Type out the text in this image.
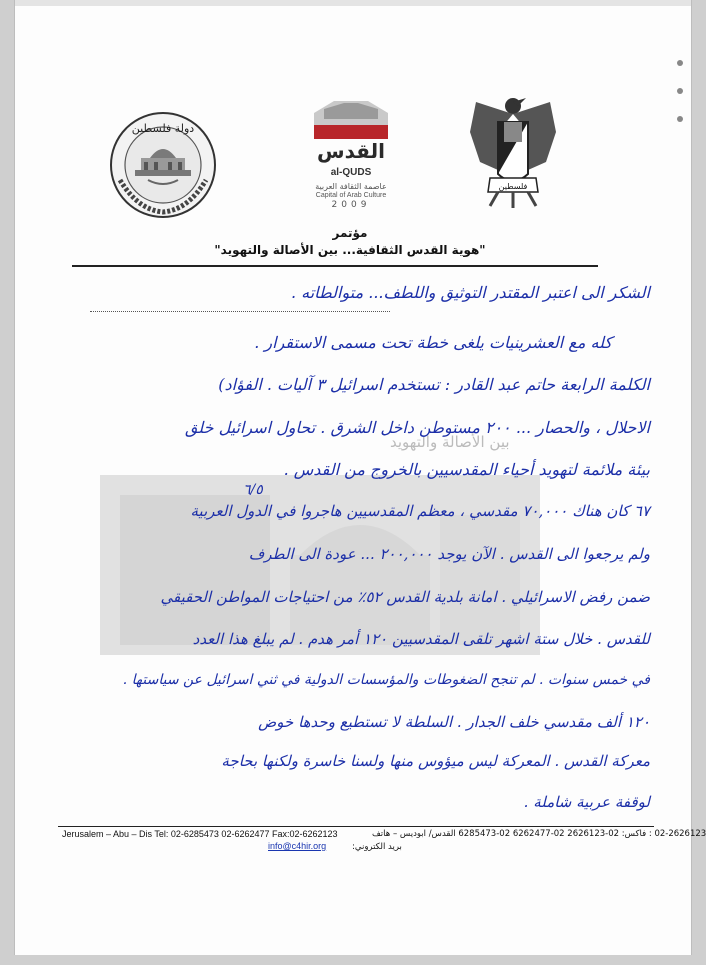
دولة فلسطين
القدس
al-QUDS
عاصمة الثقافة العربية
Capital of Arab Culture
2009
فلسطين
مؤتمر
"هوية القدس الثقافية... بين الأصالة والتهويد"
بين الأصالة والتهويد
الشكر الى اعتبر المقتدر التوثيق واللطف... متوالطاته .
كله مع العشرينيات يلغى خطة تحت مسمى الاستقرار .
الكلمة الرابعة حاتم عبد القادر : تستخدم اسرائيل ٣ آليات . الفؤاد)
الاحلال ، والحصار ... ٢٠٠ مستوطن داخل الشرق . تحاول اسرائيل خلق
بيئة ملائمة لتهويد أحياء المقدسيين بالخروج من القدس .
٦/٥
٦٧ كان هناك ٧٠,٠٠٠ مقدسي ، معظم المقدسيين هاجروا في الدول العربية
ولم يرجعوا الى القدس . الآن يوجد ٢٠٠,٠٠٠ ... عودة الى الطرف
ضمن رفض الاسرائيلي . امانة بلدية القدس ٥٢٪ من احتياجات المواطن الحقيقي
للقدس . خلال ستة اشهر تلقى المقدسيين ١٢٠ أمر هدم . لم يبلغ هذا العدد
في خمس سنوات . لم تنجح الضغوطات والمؤسسات الدولية في ثني اسرائيل عن سياستها .
١٢٠ ألف مقدسي خلف الجدار . السلطة لا تستطيع وحدها خوض
معركة القدس . المعركة ليس ميؤوس منها ولسنا خاسرة ولكنها بحاجة
لوقفة عربية شاملة .
Jerusalem – Abu – Dis Tel: 02-6285473 02-6262477 Fax:02-6262123	02-2626123 : فاكس: 02-2626123 02-6262477 02-6285473 القدس/ ابوديس – هاتف
info@c4hir.org	بريد الكتروني:
